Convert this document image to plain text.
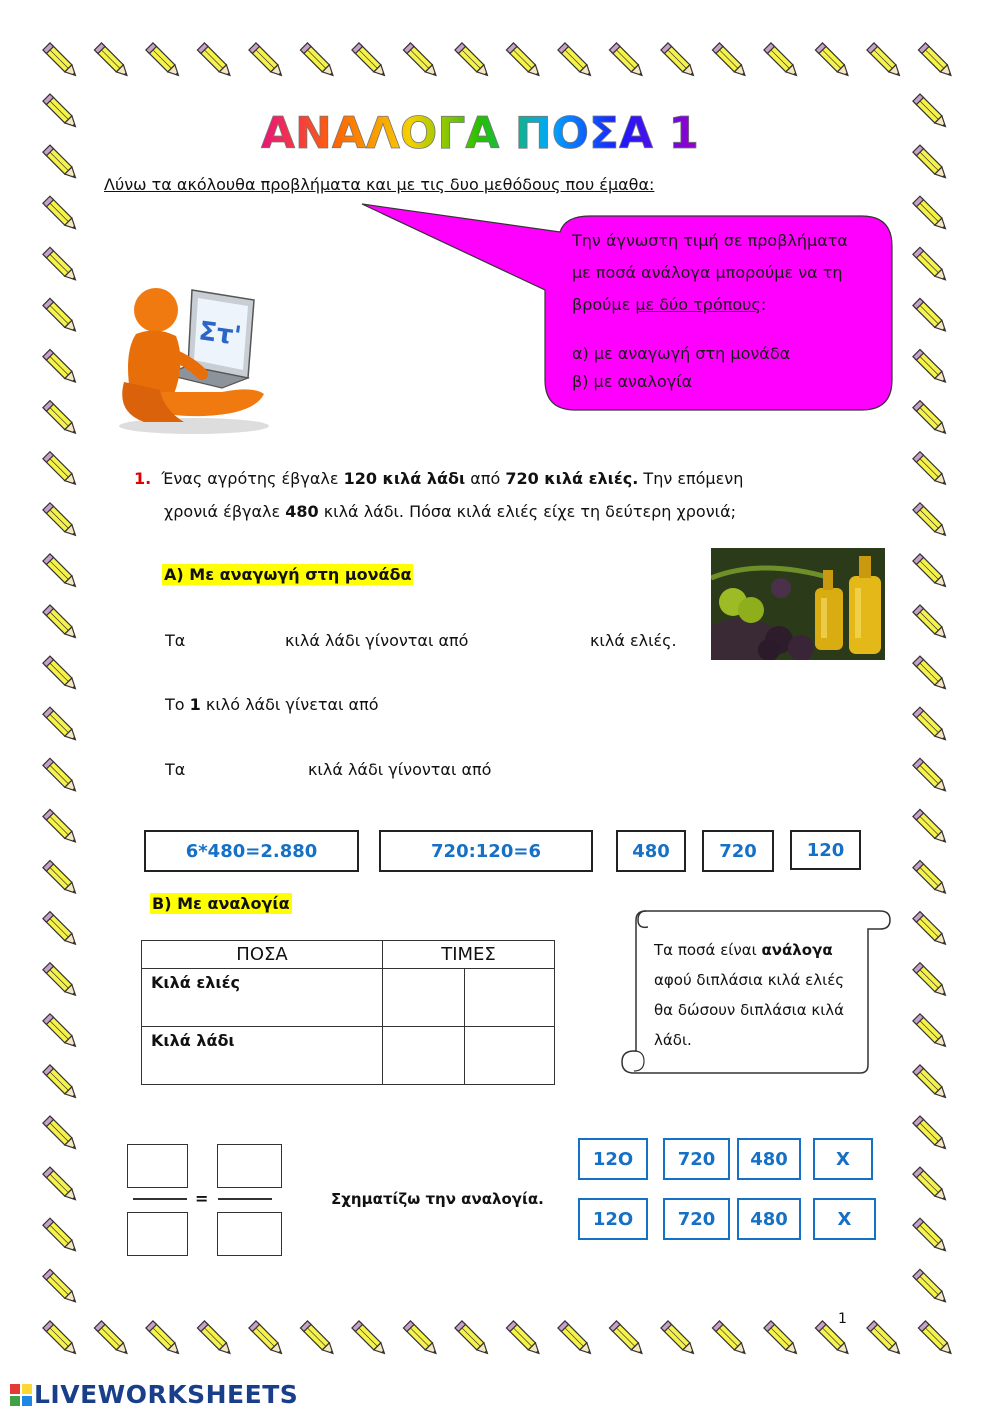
ΑΝΑΛΟΓΑ ΠΟΣΑ 1
Λύνω τα ακόλουθα προβλήματα και με τις δυο μεθόδους που έμαθα:
Την άγνωστη τιμή σε προβλήματα
με ποσά ανάλογα μπορούμε να τη
βρούμε με δύο τρόπους:
α) με αναγωγή στη μονάδα
β) με αναλογία
Στ'
1. Ένας αγρότης έβγαλε 120 κιλά λάδι από 720 κιλά ελιές. Την επόμενη
χρονιά έβγαλε 480 κιλά λάδι. Πόσα κιλά ελιές είχε τη δεύτερη χρονιά;
Α) Με αναγωγή στη μονάδα
Τα	κιλά λάδι γίνονται από	κιλά ελιές.
Το 1 κιλό λάδι γίνεται από
Τα	κιλά λάδι γίνονται από
6*480=2.880	720:120=6	480	720	120
Β) Με αναλογία
ΠΟΣΑ	ΤΙΜΕΣ	
Κιλά ελιές		
Κιλά λάδι		
Τα ποσά είναι ανάλογα
αφού διπλάσια κιλά ελιές
θα δώσουν διπλάσια κιλά
λάδι.
=	Σχηματίζω την αναλογία.
12O	720	480	X
12O	720	480	X
1
LIVEWORKSHEETS
